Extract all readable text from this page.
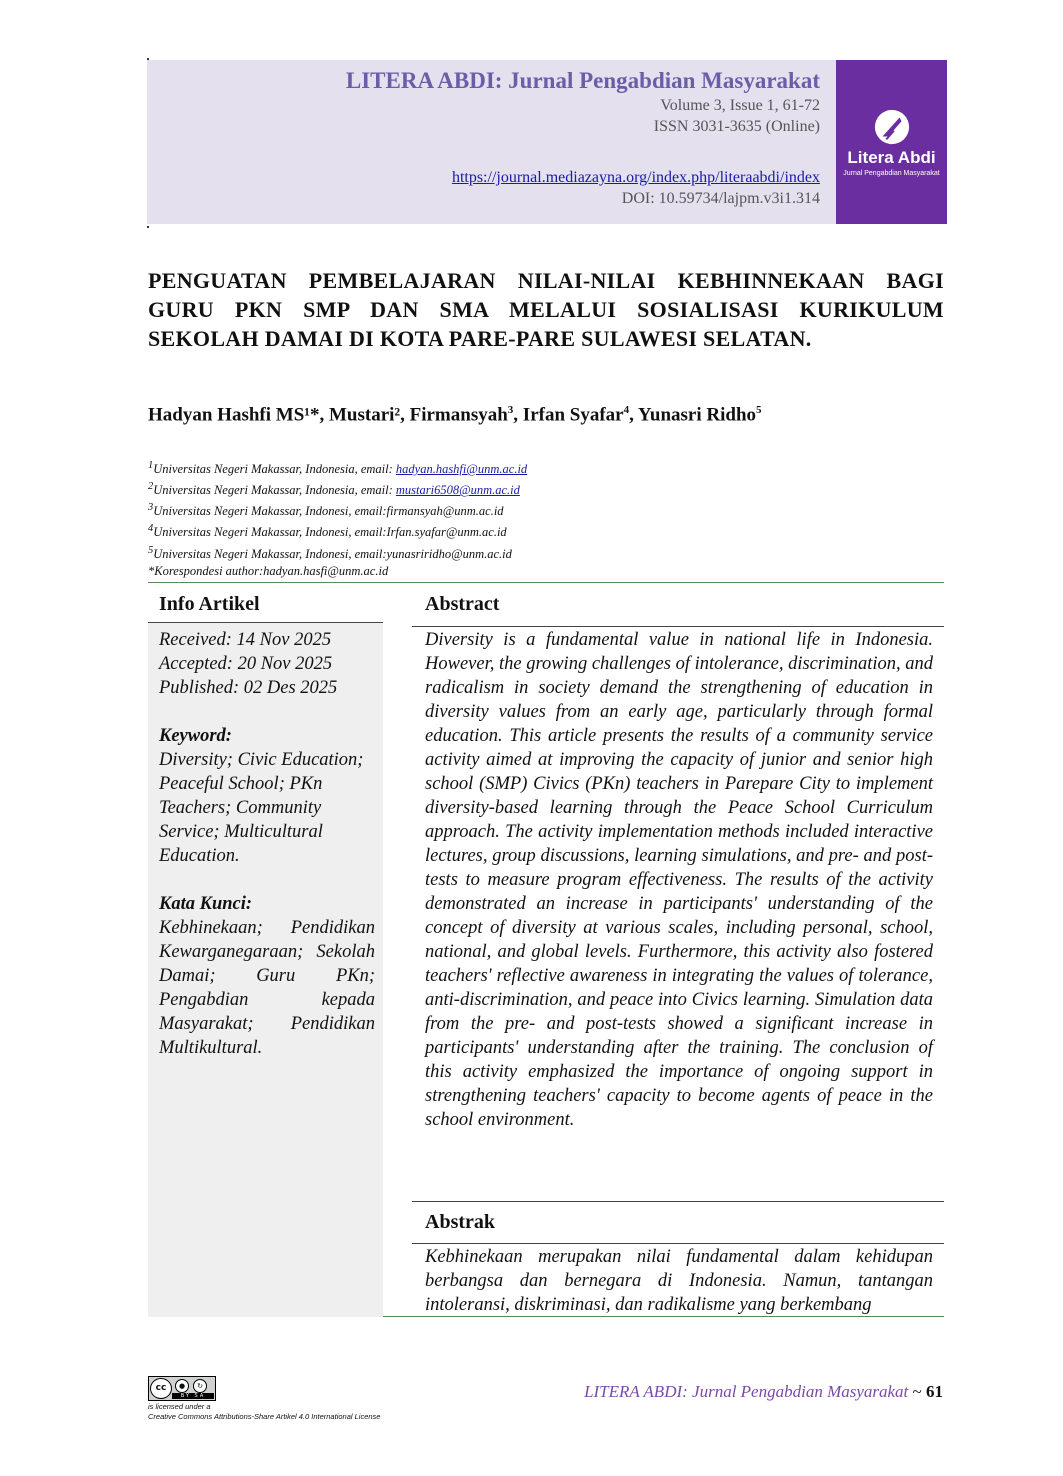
LITERA ABDI: Jurnal Pengabdian Masyarakat
Volume 3, Issue 1, 61-72
ISSN 3031-3635 (Online)
https://journal.mediazayna.org/index.php/literaabdi/index
DOI: 10.59734/lajpm.v3i1.314
Litera Abdi
Jurnal Pengabdian Masyarakat
PENGUATAN PEMBELAJARAN NILAI-NILAI KEBHINNEKAAN BAGI GURU PKN SMP DAN SMA MELALUI SOSIALISASI KURIKULUM SEKOLAH DAMAI DI KOTA PARE-PARE SULAWESI SELATAN.
Hadyan Hashfi MS¹*, Mustari², Firmansyah$^3$, Irfan Syafar$^4$, Yunasri Ridho$^5$
$^1$Universitas Negeri Makassar, Indonesia, email: hadyan.hashfi@unm.ac.id
$^2$Universitas Negeri Makassar, Indonesia, email: mustari6508@unm.ac.id
$^3$Universitas Negeri Makassar, Indonesi, email:firmansyah@unm.ac.id
$^4$Universitas Negeri Makassar, Indonesi, email:Irfan.syafar@unm.ac.id
$^5$Universitas Negeri Makassar, Indonesi, email:yunasriridho@unm.ac.id
*Korespondesi author:hadyan.hasfi@unm.ac.id
Info Artikel

Received: 14 Nov 2025

Accepted: 20 Nov 2025

Published: 02 Des 2025

Keyword:

Diversity; Civic Education; Peaceful School; PKn Teachers; Community Service; Multicultural Education.

Kata Kunci:

Kebhinekaan; Pendidikan Kewarganegaraan; Sekolah Damai; Guru PKn; Pengabdian kepada Masyarakat; Pendidikan Multikultural.

Abstract

Diversity is a fundamental value in national life in Indonesia. However, the growing challenges of intolerance, discrimination, and radicalism in society demand the strengthening of education in diversity values from an early age, particularly through formal education. This article presents the results of a community service activity aimed at improving the capacity of junior and senior high school (SMP) Civics (PKn) teachers in Parepare City to implement diversity-based learning through the Peace School Curriculum approach. The activity implementation methods included interactive lectures, group discussions, learning simulations, and pre- and post-tests to measure program effectiveness. The results of the activity demonstrated an increase in participants' understanding of the concept of diversity at various scales, including personal, school, national, and global levels. Furthermore, this activity also fostered teachers' reflective awareness in integrating the values of tolerance, anti-discrimination, and peace into Civics learning. Simulation data from the pre- and post-tests showed a significant increase in participants' understanding after the training. The conclusion of this activity emphasized the importance of ongoing support in strengthening teachers' capacity to become agents of peace in the school environment.

Abstrak

Kebhinekaan merupakan nilai fundamental dalam kehidupan berbangsa dan bernegara di Indonesia. Namun, tantangan intoleransi, diskriminasi, dan radikalisme yang berkembang

cc	●	↻
BY SA
is licensed under a
Creative Commons Attributions-Share Artikel 4.0 International License
LITERA ABDI: Jurnal Pengabdian Masyarakat ~ 61
